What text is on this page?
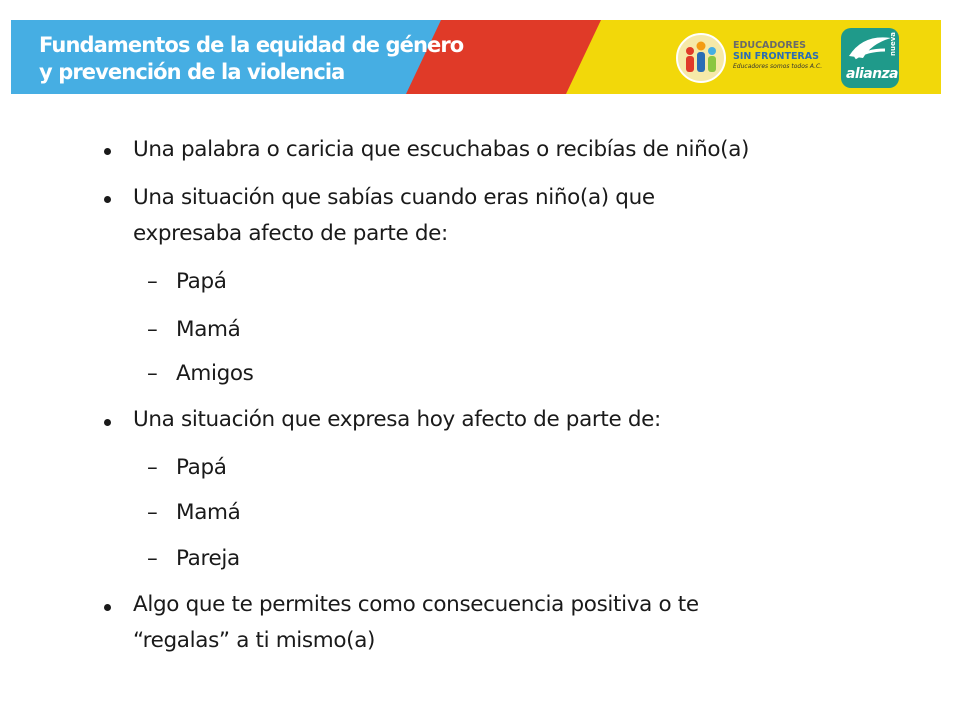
Fundamentos de la equidad de género
y prevención de la violencia
EDUCADORES
SIN FRONTERAS
Educadores somos todos A.C.
nueva
alianza
Una palabra o caricia que escuchabas o recibías de niño(a)
Una situación que sabías cuando eras niño(a) que
expresaba afecto de parte de:
– Papá
– Mamá
– Amigos
Una situación que expresa hoy afecto de parte de:
– Papá
– Mamá
– Pareja
Algo que te permites como consecuencia positiva o te
“regalas” a ti mismo(a)
